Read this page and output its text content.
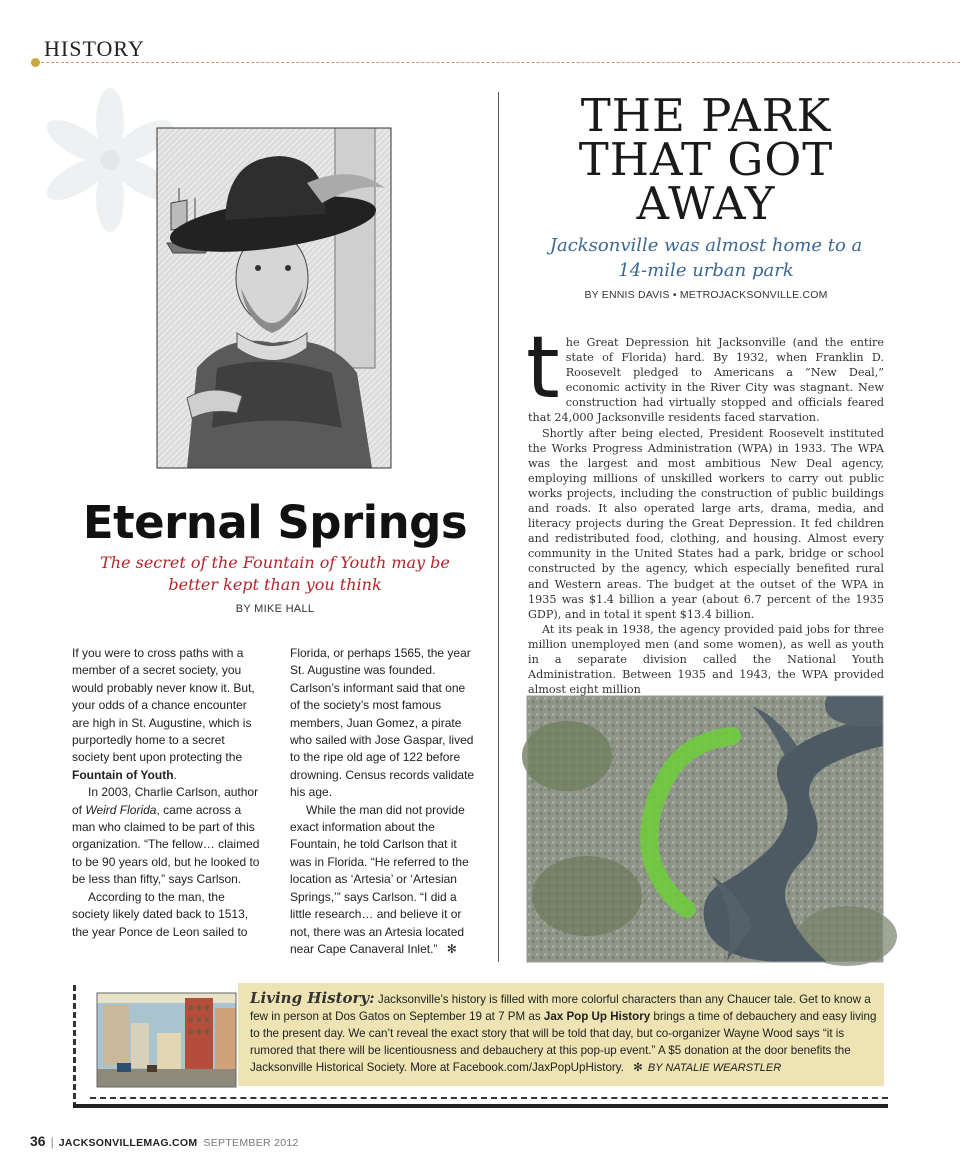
HISTORY
Eternal Springs
The secret of the Fountain of Youth may be
better kept than you think
BY MIKE HALL

If you were to cross paths with a member of a secret society, you would probably never know it. But, your odds of a chance encounter are high in St. Augustine, which is purportedly home to a secret society bent upon protecting the Fountain of Youth.

In 2003, Charlie Carlson, author of Weird Florida, came across a man who claimed to be part of this organization. “The fellow… claimed to be 90 years old, but he looked to be less than fifty,” says Carlson.

According to the man, the society likely dated back to 1513, the year Ponce de Leon sailed to

Florida, or perhaps 1565, the year St. Augustine was founded. Carlson’s informant said that one of the society’s most famous members, Juan Gomez, a pirate who sailed with Jose Gaspar, lived to the ripe old age of 122 before drowning. Census records validate his age.

While the man did not provide exact information about the Fountain, he told Carlson that it was in Florida. “He referred to the location as ‘Artesia’ or ‘Artesian Springs,’” says Carlson. “I did a little research… and believe it or not, there was an Artesia located near Cape Canaveral Inlet.” ✻

THE PARK
THAT GOT
AWAY
Jacksonville was almost home to a
14-mile urban park
BY ENNIS DAVIS • METROJACKSONVILLE.COM
t he Great Depression hit Jacksonville (and the entire state of Florida) hard. By 1932, when Franklin D. Roosevelt pledged to Americans a “New Deal,” economic activity in the River City was stagnant. New construction had virtually stopped and officials feared that 24,000 Jacksonville residents faced starvation.

Shortly after being elected, President Roosevelt instituted the Works Progress Administration (WPA) in 1933. The WPA was the largest and most ambitious New Deal agency, employing millions of unskilled workers to carry out public works projects, including the construction of public buildings and roads. It also operated large arts, drama, media, and literacy projects during the Great Depression. It fed children and redistributed food, clothing, and housing. Almost every community in the United States had a park, bridge or school constructed by the agency, which especially benefited rural and Western areas. The budget at the outset of the WPA in 1935 was $1.4 billion a year (about 6.7 percent of the 1935 GDP), and in total it spent $13.4 billion.

At its peak in 1938, the agency provided paid jobs for three million unemployed men (and some women), as well as youth in a separate division called the National Youth Administration. Between 1935 and 1943, the WPA provided almost eight million

Living History: Jacksonville’s history is filled with more colorful characters than any Chaucer tale. Get to know a few in person at Dos Gatos on September 19 at 7 PM as Jax Pop Up History brings a time of debauchery and easy living to the present day. We can’t reveal the exact story that will be told that day, but co-organizer Wayne Wood says “it is rumored that there will be licentiousness and debauchery at this pop-up event.” A $5 donation at the door benefits the Jacksonville Historical Society. More at Facebook.com/JaxPopUpHistory. ✻ BY NATALIE WEARSTLER
36 | JACKSONVILLEMAG.COM SEPTEMBER 2012
